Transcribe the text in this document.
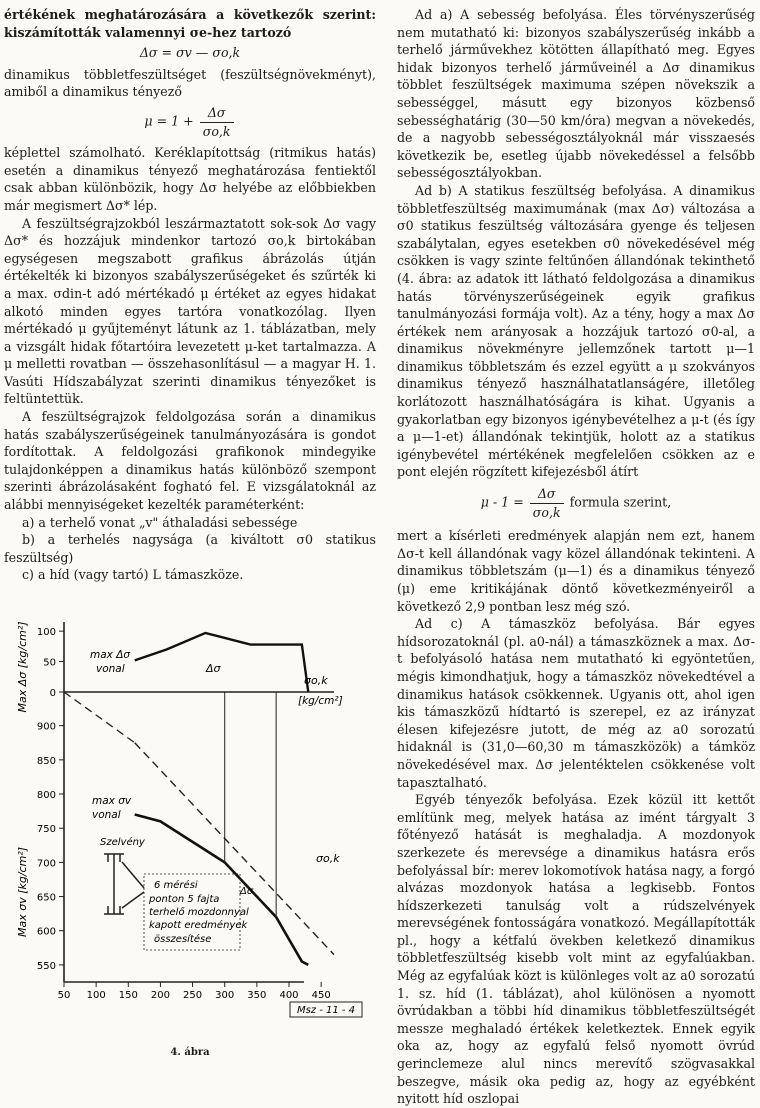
értékének meghatározására a következők szerint: kiszámították valamennyi σe-hez tartozó

Δσ = σv — σo,k

dinamikus többletfeszültséget (feszültségnövekményt), amiből a dinamikus tényező

$\mu = 1 + \frac{\Delta\sigma}{\sigma o,k}$

képlettel számolható. Keréklapítottság (ritmikus hatás) esetén a dinamikus tényező meghatározása fentiektől csak abban különbözik, hogy Δσ helyébe az előbbiekben már megismert Δσ* lép.

A feszültségrajzokból leszármaztatott sok-sok Δσ vagy Δσ* és hozzájuk mindenkor tartozó σo,k birtokában egységesen megszabott grafikus ábrázolás útján értékelték ki bizonyos szabályszerűségeket és szűrték ki a max. σdin-t adó mértékadó μ értéket az egyes hidakat alkotó minden egyes tartóra vonatkozólag. Ilyen mértékadó μ gyűjteményt látunk az 1. táblázatban, mely a vizsgált hidak főtartóira levezetett μ-ket tartalmazza. A μ melletti rovatban — összehasonlításul — a magyar H. 1. Vasúti Hídszabályzat szerinti dinamikus tényezőket is feltüntettük.

A feszültségrajzok feldolgozása során a dinamikus hatás szabályszerűségeinek tanulmányozására is gondot fordítottak. A feldolgozási grafikonok mindegyike tulajdonképpen a dinamikus hatás különböző szempont szerinti ábrázolásaként fogható fel. E vizsgálatoknál az alábbi mennyiségeket kezelték paraméterként:

a) a terhelő vonat „v" áthaladási sebessége

b) a terhelés nagysága (a kiváltott σ0 statikus feszültség)

c) a híd (vagy tartó) L támaszköze.

100
50
0
900
850
800
750
700
650
600
550
50 100 150 200 250 300 350 400 450
Max Δσ [kg/cm²]
Max σv [kg/cm²]
max Δσ
vonal	Δσ
σo,k
[kg/cm²]
max σv
vonal
σo,k
Szelvény
Δσ
6 mérési
ponton 5 fajta
terhelő mozdonnyal
kapott eredmények
összesítése
Msz - 11 - 4
4. ábra

Ad a) A sebesség befolyása. Éles törvényszerűség nem mutatható ki: bizonyos szabályszerűség inkább a terhelő járművekhez kötötten állapítható meg. Egyes hidak bizonyos terhelő járműveinél a Δσ dinamikus többlet feszültségek maximuma szépen növekszik a sebességgel, másutt egy bizonyos közbenső sebességhatárig (30—50 km/óra) megvan a növekedés, de a nagyobb sebességosztályoknál már visszaesés következik be, esetleg újabb növekedéssel a felsőbb sebességosztályokban.

Ad b) A statikus feszültség befolyása. A dinamikus többletfeszültség maximumának (max Δσ) változása a σ0 statikus feszültség változására gyenge és teljesen szabálytalan, egyes esetekben σ0 növekedésével még csökken is vagy szinte feltűnően állandónak tekinthető (4. ábra: az adatok itt látható feldolgozása a dinamikus hatás törvényszerűségeinek egyik grafikus tanulmányozási formája volt). Az a tény, hogy a max Δσ értékek nem arányosak a hozzájuk tartozó σ0-al, a dinamikus növekményre jellemzőnek tartott μ—1 dinamikus többletszám és ezzel együtt a μ szokványos dinamikus tényező használhatatlanságére, illetőleg korlátozott használhatóságára is kihat. Ugyanis a gyakorlatban egy bizonyos igénybevételhez a μ-t (és így a μ—1-et) állandónak tekintjük, holott az a statikus igénybevétel mértékének megfelelően csökken az e pont elején rögzített kifejezésből átírt

$\mu - 1 = \frac{\Delta\sigma}{\sigma o,k}$ formula szerint,

mert a kísérleti eredmények alapján nem ezt, hanem Δσ-t kell állandónak vagy közel állandónak tekinteni. A dinamikus többletszám (μ—1) és a dinamikus tényező (μ) eme kritikájának döntő következményeiről a következő 2,9 pontban lesz még szó.

Ad c) A támaszköz befolyása. Bár egyes hídsorozatoknál (pl. a0-nál) a támaszköznek a max. Δσ-t befolyásoló hatása nem mutatható ki egyöntetűen, mégis kimondhatjuk, hogy a támaszköz növekedtével a dinamikus hatások csökkennek. Ugyanis ott, ahol igen kis támaszközű hídtartó is szerepel, ez az irányzat élesen kifejezésre jutott, de még az a0 sorozatú hidaknál is (31,0—60,30 m támaszközök) a támköz növekedésével max. Δσ jelentéktelen csökkenése volt tapasztalható.

Egyéb tényezők befolyása. Ezek közül itt kettőt említünk meg, melyek hatása az imént tárgyalt 3 főtényező hatását is meghaladja. A mozdonyok szerkezete és merevsége a dinamikus hatásra erős befolyással bír: merev lokomotívok hatása nagy, a forgó alvázas mozdonyok hatása a legkisebb. Fontos hídszerkezeti tanulság volt a rúdszelvények merevségének fontosságára vonatkozó. Megállapították pl., hogy a kétfalú övekben keletkező dinamikus többletfeszültség kisebb volt mint az egyfalúakban. Még az egyfalúak közt is különleges volt az a0 sorozatú 1. sz. híd (1. táblázat), ahol különösen a nyomott övrúdakban a többi híd dinamikus többletfeszültségét messze meghaladó értékek keletkeztek. Ennek egyik oka az, hogy az egyfalú felső nyomott övrúd gerinclemeze alul nincs merevítő szögvasakkal beszegve, másik oka pedig az, hogy az egyébként nyitott híd oszlopai
